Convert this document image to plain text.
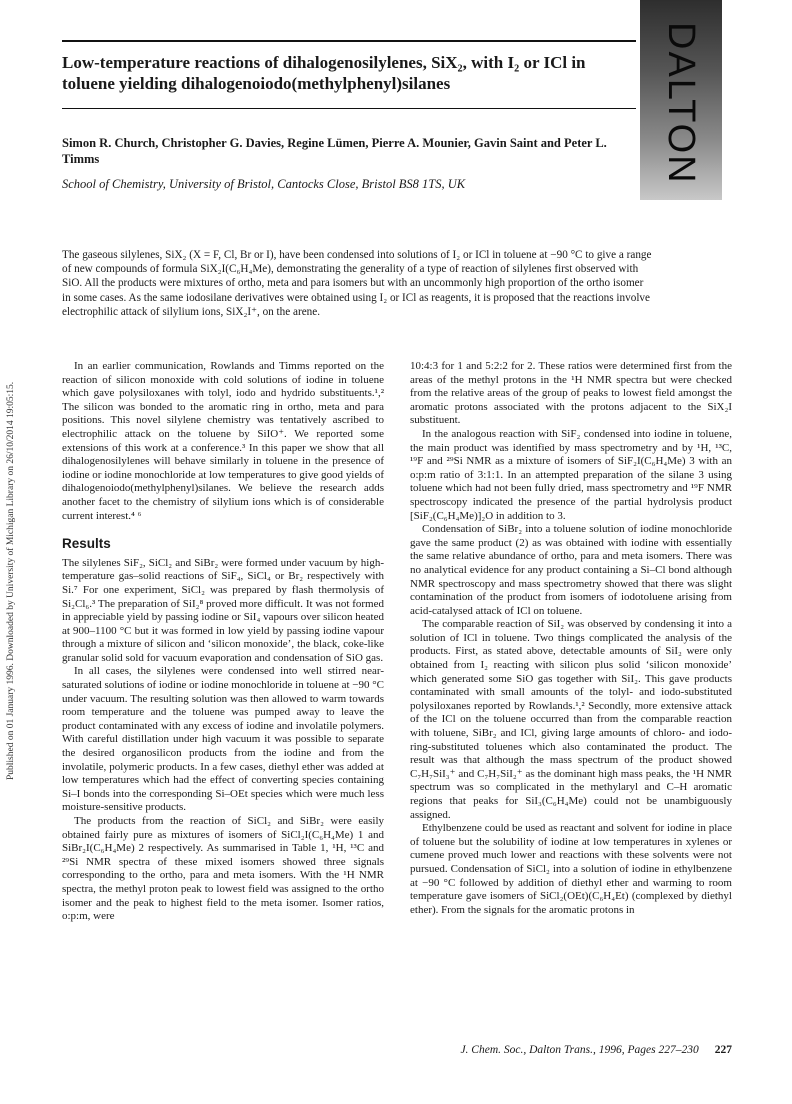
Published on 01 January 1996. Downloaded by University of Michigan Library on 26/10/2014 19:05:15.
DALTON
Low-temperature reactions of dihalogenosilylenes, SiX₂, with I₂ or ICl in toluene yielding dihalogenoiodo(methylphenyl)silanes

Simon R. Church, Christopher G. Davies, Regine Lümen, Pierre A. Mounier, Gavin Saint and Peter L. Timms

School of Chemistry, University of Bristol, Cantocks Close, Bristol BS8 1TS, UK

The gaseous silylenes, SiX₂ (X = F, Cl, Br or I), have been condensed into solutions of I₂ or ICl in toluene at −90 °C to give a range of new compounds of formula SiX₂I(C₆H₄Me), demonstrating the generality of a type of reaction of silylenes first observed with SiO. All the products were mixtures of ortho, meta and para isomers but with an uncommonly high proportion of the ortho isomer in some cases. As the same iodosilane derivatives were obtained using I₂ or ICl as reagents, it is proposed that the reactions involve electrophilic attack of silylium ions, SiX₂I⁺, on the arene.

In an earlier communication, Rowlands and Timms reported on the reaction of silicon monoxide with cold solutions of iodine in toluene which gave polysiloxanes with tolyl, iodo and hydrido substituents.¹,² The silicon was bonded to the aromatic ring in ortho, meta and para positions. This novel silylene chemistry was tentatively ascribed to electrophilic attack on the toluene by SiIO⁺. We reported some extensions of this work at a conference.³ In this paper we show that all dihalogenosilylenes will behave similarly in toluene in the presence of iodine or iodine monochloride at low temperatures to give good yields of dihalogenoiodo(methylphenyl)silanes. We believe the research adds another facet to the chemistry of silylium ions which is of considerable current interest.⁴ ⁶

Results

The silylenes SiF₂, SiCl₂ and SiBr₂ were formed under vacuum by high-temperature gas–solid reactions of SiF₄, SiCl₄ or Br₂ respectively with Si.⁷ For one experiment, SiCl₂ was prepared by flash thermolysis of Si₂Cl₆.³ The preparation of SiI₂⁸ proved more difficult. It was not formed in appreciable yield by passing iodine or SiI₄ vapours over silicon heated at 900–1100 °C but it was formed in low yield by passing iodine vapour through a mixture of silicon and ‘silicon monoxide’, the black, coke-like granular solid sold for vacuum evaporation and condensation of SiO gas.

In all cases, the silylenes were condensed into well stirred near-saturated solutions of iodine or iodine monochloride in toluene at −90 °C under vacuum. The resulting solution was then allowed to warm towards room temperature and the toluene was pumped away to leave the product contaminated with any excess of iodine and involatile polymers. With careful distillation under high vacuum it was possible to separate the desired organosilicon products from the iodine and from the involatile, polymeric products. In a few cases, diethyl ether was added at low temperatures which had the effect of converting species containing Si–I bonds into the corresponding Si–OEt species which were much less moisture-sensitive products.

The products from the reaction of SiCl₂ and SiBr₂ were easily obtained fairly pure as mixtures of isomers of SiCl₂I(C₆H₄Me) 1 and SiBr₂I(C₆H₄Me) 2 respectively. As summarised in Table 1, ¹H, ¹³C and ²⁹Si NMR spectra of these mixed isomers showed three signals corresponding to the ortho, para and meta isomers. With the ¹H NMR spectra, the methyl proton peak to lowest field was assigned to the ortho isomer and the peak to highest field to the meta isomer. Isomer ratios, o:p:m, were

10:4:3 for 1 and 5:2:2 for 2. These ratios were determined first from the areas of the methyl protons in the ¹H NMR spectra but were checked from the relative areas of the group of peaks to lowest field amongst the aromatic protons associated with the protons adjacent to the SiX₂I substituent.

In the analogous reaction with SiF₂ condensed into iodine in toluene, the main product was identified by mass spectrometry and by ¹H, ¹³C, ¹⁹F and ²⁹Si NMR as a mixture of isomers of SiF₂I(C₆H₄Me) 3 with an o:p:m ratio of 3:1:1. In an attempted preparation of the silane 3 using toluene which had not been fully dried, mass spectrometry and ¹⁹F NMR spectroscopy indicated the presence of the partial hydrolysis product [SiF₂(C₆H₄Me)]₂O in addition to 3.

Condensation of SiBr₂ into a toluene solution of iodine monochloride gave the same product (2) as was obtained with iodine with essentially the same relative abundance of ortho, para and meta isomers. There was no analytical evidence for any product containing a Si–Cl bond although NMR spectroscopy and mass spectrometry showed that there was slight contamination of the product from isomers of iodotoluene arising from acid-catalysed attack of ICl on toluene.

The comparable reaction of SiI₂ was observed by condensing it into a solution of ICl in toluene. Two things complicated the analysis of the products. First, as stated above, detectable amounts of SiI₂ were only obtained from I₂ reacting with silicon plus solid ‘silicon monoxide’ which generated some SiO gas together with SiI₂. This gave products contaminated with small amounts of the tolyl- and iodo-substituted polysiloxanes reported by Rowlands.¹,² Secondly, more extensive attack of the ICl on the toluene occurred than from the comparable reaction with toluene, SiBr₂ and ICl, giving large amounts of chloro- and iodo-ring-substituted toluenes which also contaminated the product. The result was that although the mass spectrum of the product showed C₇H₇SiI₃⁺ and C₇H₇SiI₂⁺ as the dominant high mass peaks, the ¹H NMR spectrum was so complicated in the methylaryl and C–H aromatic regions that peaks for SiI₃(C₆H₄Me) could not be unambiguously assigned.

Ethylbenzene could be used as reactant and solvent for iodine in place of toluene but the solubility of iodine at low temperatures in xylenes or cumene proved much lower and reactions with these solvents were not pursued. Condensation of SiCl₂ into a solution of iodine in ethylbenzene at −90 °C followed by addition of diethyl ether and warming to room temperature gave isomers of SiCl₂(OEt)(C₆H₄Et) (complexed by diethyl ether). From the signals for the aromatic protons in

J. Chem. Soc., Dalton Trans., 1996, Pages 227–230 227
